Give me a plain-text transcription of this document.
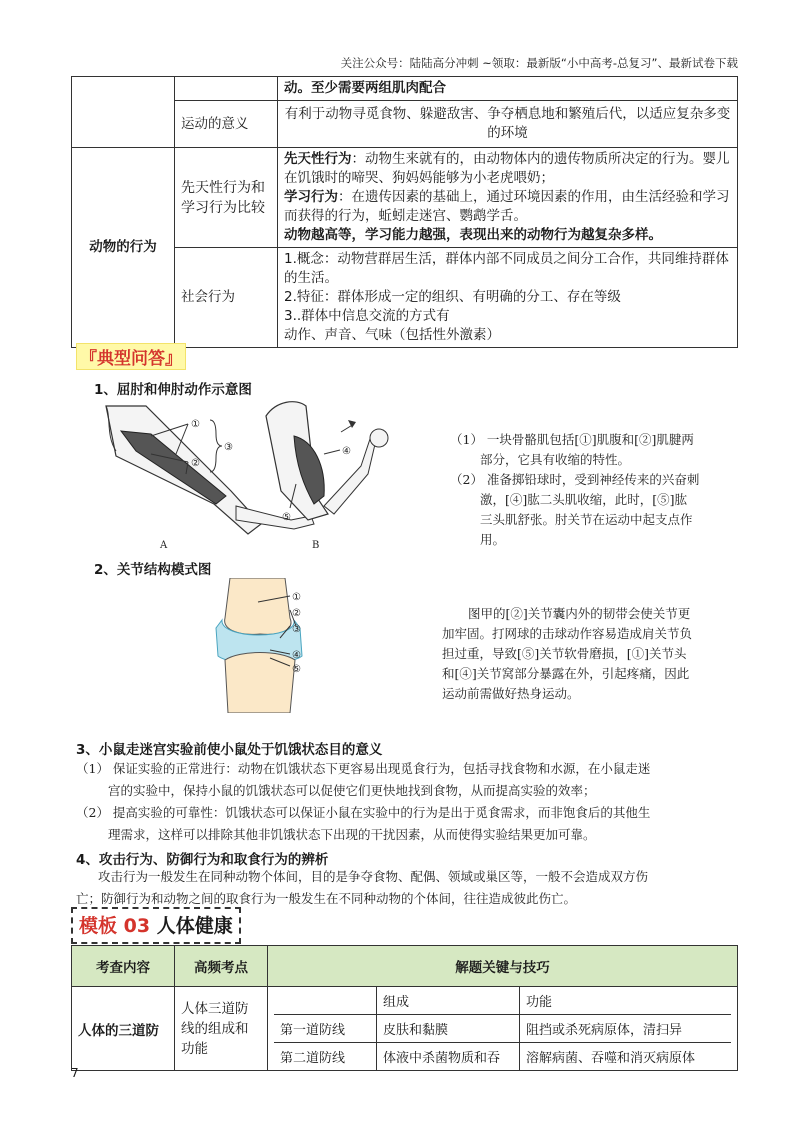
关注公众号：陆陆高分冲刺 ~领取：最新版“小中高考-总复习”、最新试卷下载
		动。至少需要两组肌肉配合
	运动的意义	有利于动物寻觅食物、躲避敌害、争夺栖息地和繁殖后代，以适应复杂多变的环境
动物的行为	先天性行为和学习行为比较	先天性行为：动物生来就有的，由动物体内的遗传物质所决定的行为。婴儿在饥饿时的啼哭、狗妈妈能够为小老虎喂奶；
学习行为：在遗传因素的基础上，通过环境因素的作用，由生活经验和学习而获得的行为，蚯蚓走迷宫、鹦鹉学舌。
动物越高等，学习能力越强，表现出来的动物行为越复杂多样。
	社会行为	1.概念：动物营群居生活，群体内部不同成员之间分工合作，共同维持群体的生活。
2.特征：群体形成一定的组织、有明确的分工、存在等级
3..群体中信息交流的方式有
动作、声音、气味（包括性外激素）
『典型问答』
1、屈肘和伸肘动作示意图
①
②
③
A
④
⑤
B
（1） 一块骨骼肌包括[①]肌腹和[②]肌腱两
部分，它具有收缩的特性。
（2） 准备掷铅球时，受到神经传来的兴奋刺
激，[④]肱二头肌收缩，此时，[⑤]肱
三头肌舒张。肘关节在运动中起支点作
用。
2、关节结构模式图
①
②
③
④
⑤
图甲的[②]关节囊内外的韧带会使关节更
加牢固。打网球的击球动作容易造成肩关节负
担过重，导致[⑤]关节软骨磨损，[①]关节头
和[④]关节窝部分暴露在外，引起疼痛，因此
运动前需做好热身运动。
3、小鼠走迷宫实验前使小鼠处于饥饿状态目的意义
（1） 保证实验的正常进行：动物在饥饿状态下更容易出现觅食行为，包括寻找食物和水源，在小鼠走迷
宫的实验中，保持小鼠的饥饿状态可以促使它们更快地找到食物，从而提高实验的效率；
（2） 提高实验的可靠性：饥饿状态可以保证小鼠在实验中的行为是出于觅食需求，而非饱食后的其他生
理需求，这样可以排除其他非饥饿状态下出现的干扰因素，从而使得实验结果更加可靠。
4、攻击行为、防御行为和取食行为的辨析
攻击行为一般发生在同种动物个体间，目的是争夺食物、配偶、领域或巢区等，一般不会造成双方伤
亡；防御行为和动物之间的取食行为一般发生在不同种动物的个体间，往往造成彼此伤亡。
模板 03 人体健康
考查内容	高频考点	解题关键与技巧
人体的三道防	人体三道防线的组成和功能	
	组成	功能
第一道防线	皮肤和黏膜	阻挡或杀死病原体，清扫异
第二道防线	体液中杀菌物质和吞	溶解病菌、吞噬和消灭病原体
7
